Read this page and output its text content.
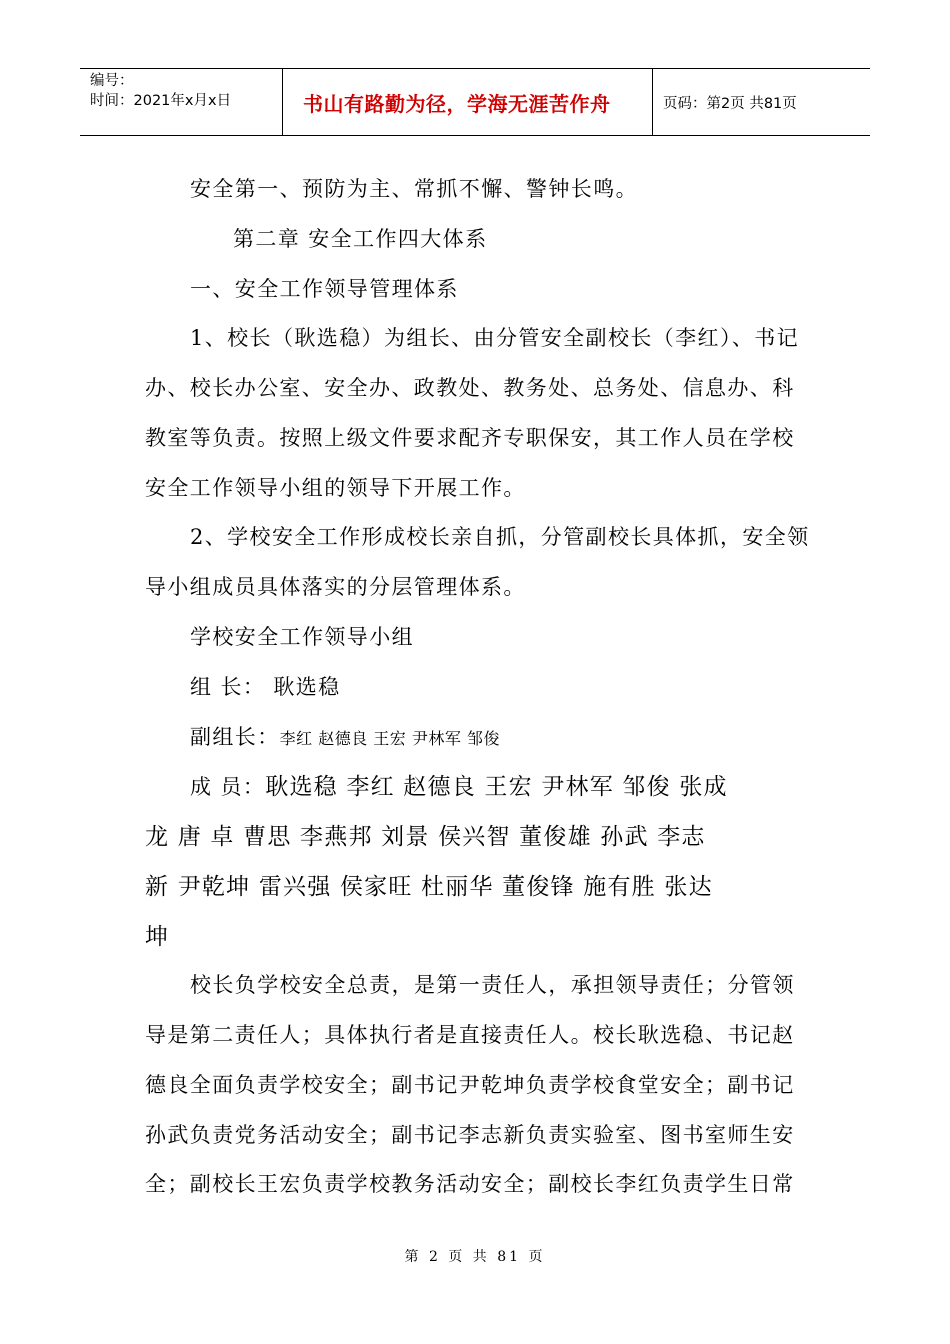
编号：
时间：2021年x月x日	书山有路勤为径，学海无涯苦作舟	页码：第2页 共81页
安全第一、预防为主、常抓不懈、警钟长鸣。
第二章 安全工作四大体系
一、安全工作领导管理体系
1、校长（耿选稳）为组长、由分管安全副校长（李红）、书记
办、校长办公室、安全办、政教处、教务处、总务处、信息办、科
教室等负责。按照上级文件要求配齐专职保安，其工作人员在学校
安全工作领导小组的领导下开展工作。
2、学校安全工作形成校长亲自抓，分管副校长具体抓，安全领
导小组成员具体落实的分层管理体系。
学校安全工作领导小组
组 长： 耿选稳
副组长：李红 赵德良 王宏 尹林军 邹俊
成 员：耿选稳 李红 赵德良 王宏 尹林军 邹俊 张成
龙 唐 卓 曹思 李燕邦 刘景 侯兴智 董俊雄 孙武 李志
新 尹乾坤 雷兴强 侯家旺 杜丽华 董俊锋 施有胜 张达
坤
校长负学校安全总责，是第一责任人，承担领导责任；分管领
导是第二责任人；具体执行者是直接责任人。校长耿选稳、书记赵
德良全面负责学校安全；副书记尹乾坤负责学校食堂安全；副书记
孙武负责党务活动安全；副书记李志新负责实验室、图书室师生安
全；副校长王宏负责学校教务活动安全；副校长李红负责学生日常
第 2 页 共 81 页
